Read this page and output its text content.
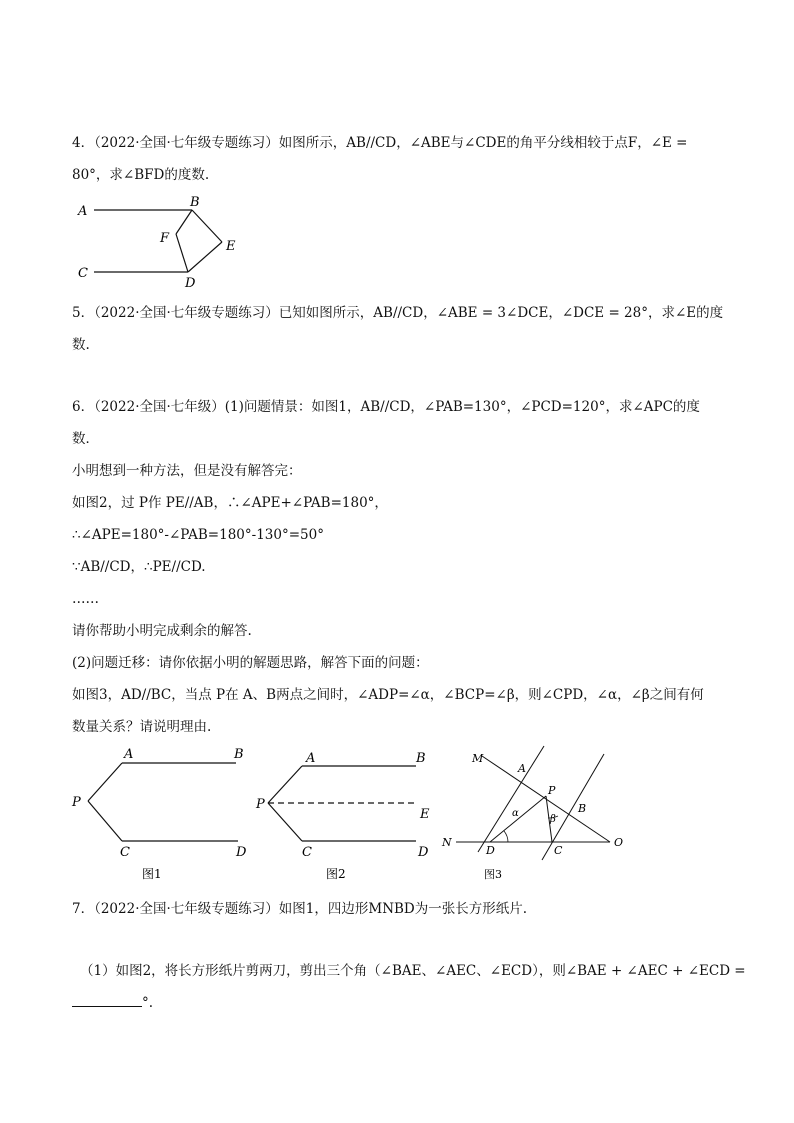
4．（2022·全国·七年级专题练习）如图所示，AB//CD，∠ABE与∠CDE的角平分线相较于点F，∠E =
80°，求∠BFD的度数.
A
B
F
E
C
D
5．（2022·全国·七年级专题练习）已知如图所示，AB//CD，∠ABE = 3∠DCE，∠DCE = 28°，求∠E的度
数.
6．（2022·全国·七年级）(1)问题情景：如图1，AB//CD，∠PAB=130°，∠PCD=120°，求∠APC的度
数．
小明想到一种方法，但是没有解答完：
如图2，过 P作 PE//AB，∴∠APE+∠PAB=180°，
∴∠APE=180°-∠PAB=180°-130°=50°
∵AB//CD，∴PE//CD.
……
请你帮助小明完成剩余的解答.
(2)问题迁移：请你依据小明的解题思路，解答下面的问题：
如图3，AD//BC，当点 P在 A、B两点之间时，∠ADP=∠α，∠BCP=∠β，则∠CPD，∠α，∠β之间有何
数量关系？请说明理由.
A	B
P
C	D
图1
A	B
P
E
C	D
图2
M
A
P
B
N
D	C
O
α
β
图3
7．（2022·全国·七年级专题练习）如图1，四边形MNBD为一张长方形纸片.
（1）如图2，将长方形纸片剪两刀，剪出三个角（∠BAE、∠AEC、∠ECD），则∠BAE + ∠AEC + ∠ECD =
°.
